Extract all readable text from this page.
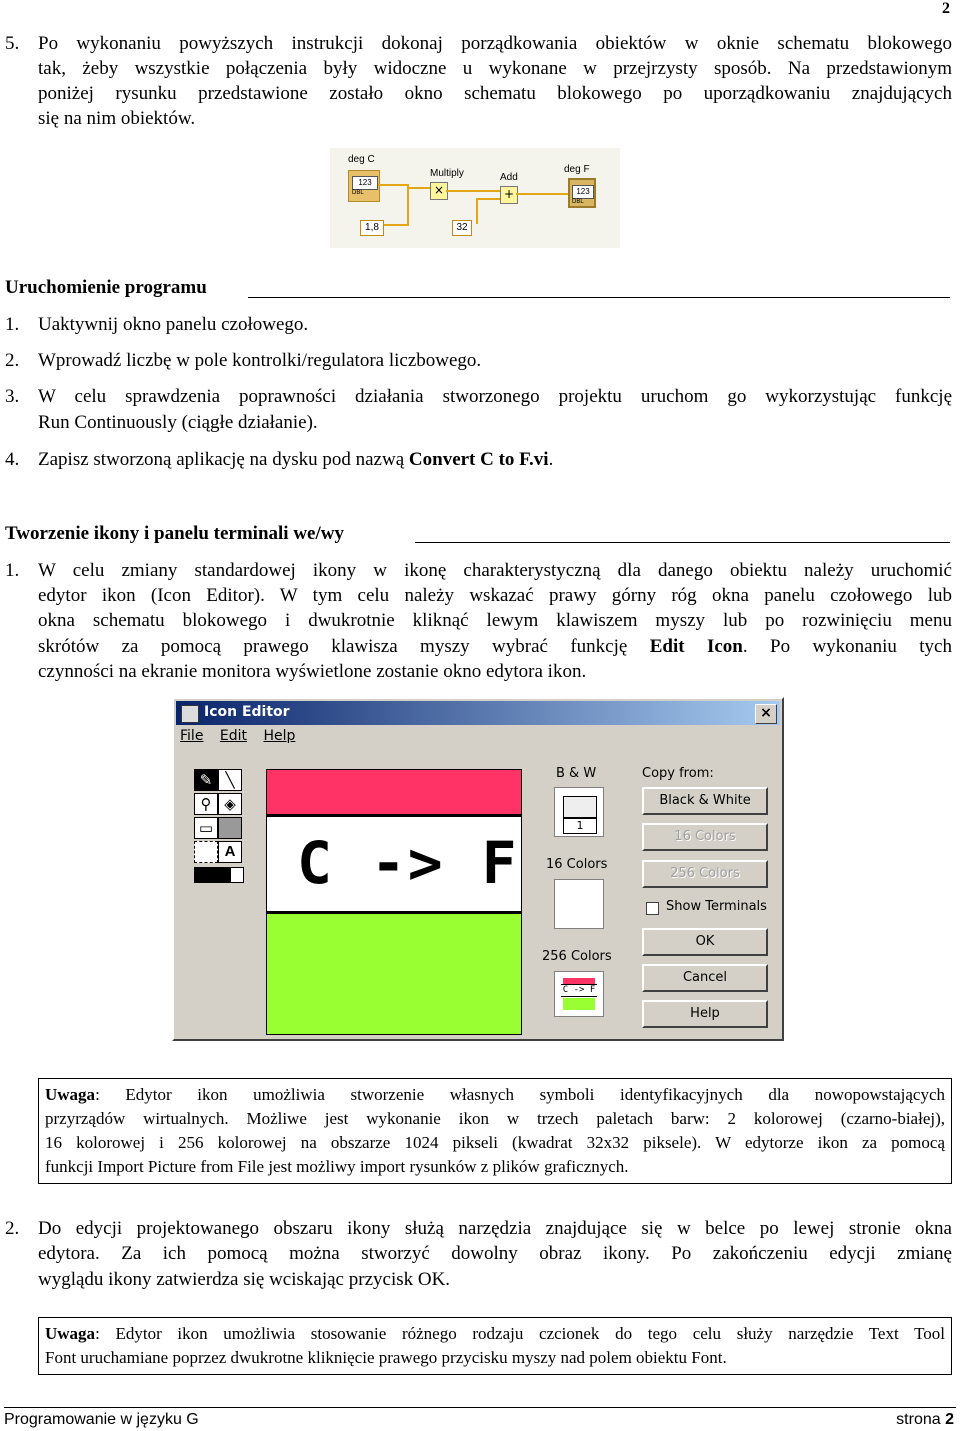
2
5. Po wykonaniu powyższych instrukcji dokonaj porządkowania obiektów w oknie schematu blokowego
tak, żeby wszystkie połączenia były widoczne u wykonane w przejrzysty sposób. Na przedstawionym
poniżej rysunku przedstawione zostało okno schematu blokowego po uporządkowaniu znajdujących
się na nim obiektów.
deg C
123
DBL
Multiply
×
Add
+
deg F
123
DBL
1,8	32
Uruchomienie programu
1. Uaktywnij okno panelu czołowego.
2. Wprowadź liczbę w pole kontrolki/regulatora liczbowego.
3. W celu sprawdzenia poprawności działania stworzonego projektu uruchom go wykorzystując funkcję
Run Continuously (ciągłe działanie).
4. Zapisz stworzoną aplikację na dysku pod nazwą Convert C to F.vi.
Tworzenie ikony i panelu terminali we/wy
1. W celu zmiany standardowej ikony w ikonę charakterystyczną dla danego obiektu należy uruchomić
edytor ikon (Icon Editor). W tym celu należy wskazać prawy górny róg okna panelu czołowego lub
okna schematu blokowego i dwukrotnie kliknąć lewym klawiszem myszy lub po rozwinięciu menu
skrótów za pomocą prawego klawisza myszy wybrać funkcję Edit Icon. Po wykonaniu tych
czynności na ekranie monitora wyświetlone zostanie okno edytora ikon.
Icon Editor	×
File Edit Help
✎ ╲
⚲ ◈
▭
A C -> F
B & W
1
16 Colors
256 Colors
C -> F
Copy from:
Black & White
16 Colors
256 Colors
Show Terminals
OK
Cancel
Help
Uwaga: Edytor ikon umożliwia stworzenie własnych symboli identyfikacyjnych dla nowopowstających
przyrządów wirtualnych. Możliwe jest wykonanie ikon w trzech paletach barw: 2 kolorowej (czarno-białej),
16 kolorowej i 256 kolorowej na obszarze 1024 pikseli (kwadrat 32x32 piksele). W edytorze ikon za pomocą
funkcji Import Picture from File jest możliwy import rysunków z plików graficznych.
2. Do edycji projektowanego obszaru ikony służą narzędzia znajdujące się w belce po lewej stronie okna
edytora. Za ich pomocą można stworzyć dowolny obraz ikony. Po zakończeniu edycji zmianę
wyglądu ikony zatwierdza się wciskając przycisk OK.
Uwaga: Edytor ikon umożliwia stosowanie różnego rodzaju czcionek do tego celu służy narzędzie Text Tool
Font uruchamiane poprzez dwukrotne kliknięcie prawego przycisku myszy nad polem obiektu Font.
Programowanie w języku G	strona 2
